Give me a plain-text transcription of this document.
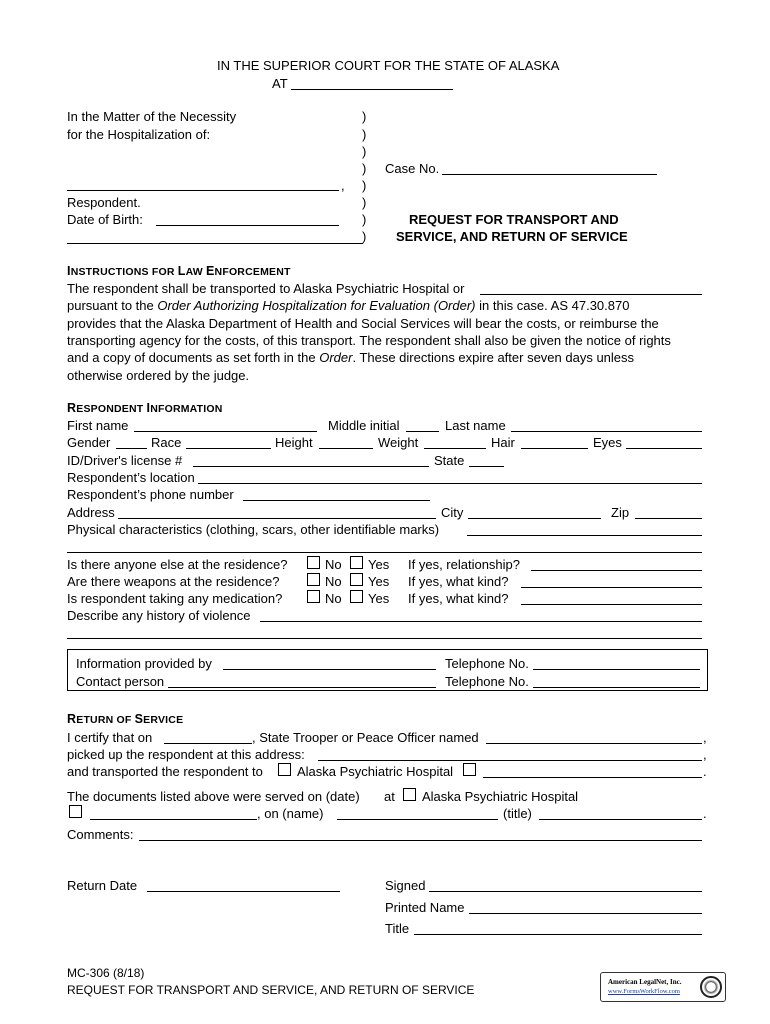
IN THE SUPERIOR COURT FOR THE STATE OF ALASKA
AT
In the Matter of the Necessity
for the Hospitalization of:
)
)
)
)
)
)
)
)
,
Respondent.
Date of Birth:
Case No.
REQUEST FOR TRANSPORT AND
SERVICE, AND RETURN OF SERVICE
INSTRUCTIONS FOR LAW ENFORCEMENT
The respondent shall be transported to Alaska Psychiatric Hospital or
pursuant to the Order Authorizing Hospitalization for Evaluation (Order) in this case. AS 47.30.870
provides that the Alaska Department of Health and Social Services will bear the costs, or reimburse the
transporting agency for the costs, of this transport. The respondent shall also be given the notice of rights
and a copy of documents as set forth in the Order. These directions expire after seven days unless
otherwise ordered by the judge.
RESPONDENT INFORMATION
First name	Middle initial	Last name
Gender	Race	Height	Weight	Hair	Eyes
ID/Driver's license #	State
Respondent’s location
Respondent’s phone number
Address	City	Zip
Physical characteristics (clothing, scars, other identifiable marks)
Is there anyone else at the residence?	No Yes If yes, relationship?
Are there weapons at the residence?	No Yes If yes, what kind?
Is respondent taking any medication?	No Yes If yes, what kind?
Describe any history of violence
Information provided by	Telephone No.
Contact person	Telephone No.
RETURN OF SERVICE
I certify that on	, State Trooper or Peace Officer named	,
picked up the respondent at this address:	,
and transported the respondent to	Alaska Psychiatric Hospital	.
The documents listed above were served on (date) at Alaska Psychiatric Hospital
, on (name)	(title)	.
Comments:
Return Date	Signed
Printed Name
Title
MC-306 (8/18)
REQUEST FOR TRANSPORT AND SERVICE, AND RETURN OF SERVICE
American LegalNet, Inc.
www.FormsWorkFlow.com
